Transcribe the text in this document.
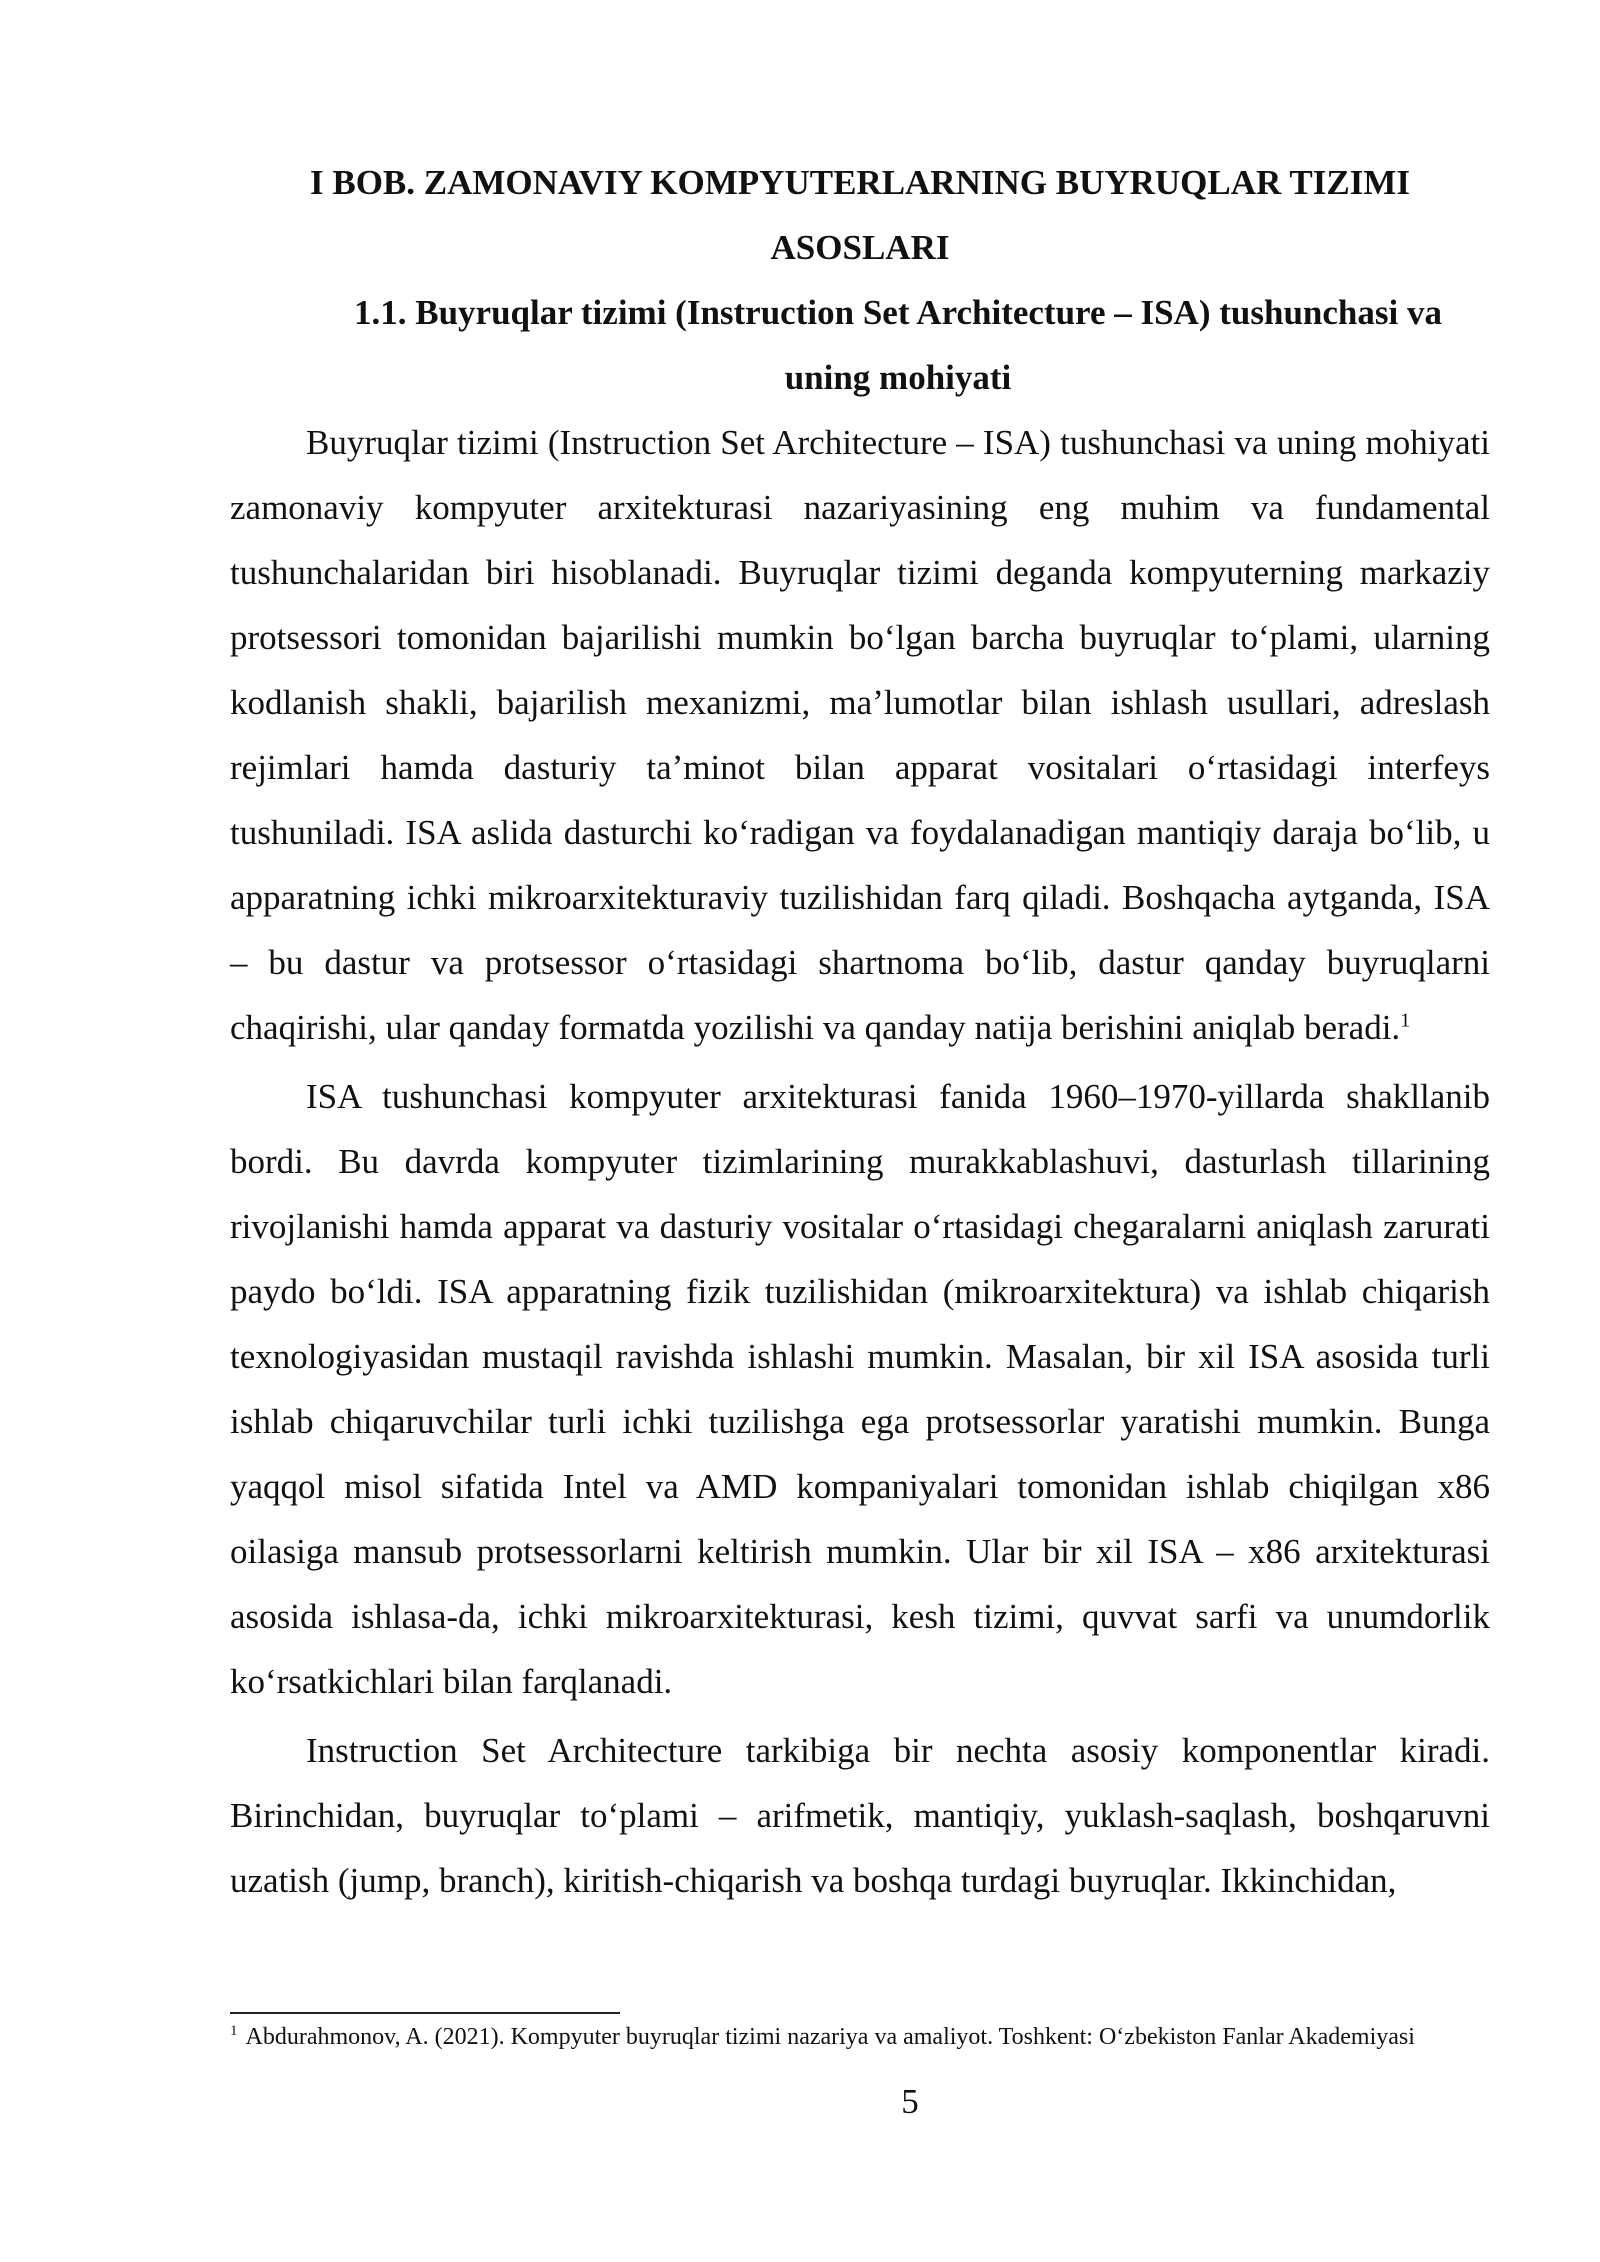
I BOB. ZAMONAVIY KOMPYUTERLARNING BUYRUQLAR TIZIMI
ASOSLARI

1.1. Buyruqlar tizimi (Instruction Set Architecture – ISA) tushunchasi va
uning mohiyati

Buyruqlar tizimi (Instruction Set Architecture – ISA) tushunchasi va uning mohiyati zamonaviy kompyuter arxitekturasi nazariyasining eng muhim va fundamental tushunchalaridan biri hisoblanadi. Buyruqlar tizimi deganda kompyuterning markaziy protsessori tomonidan bajarilishi mumkin boʻlgan barcha buyruqlar toʻplami, ularning kodlanish shakli, bajarilish mexanizmi, maʼlumotlar bilan ishlash usullari, adreslash rejimlari hamda dasturiy taʼminot bilan apparat vositalari oʻrtasidagi interfeys tushuniladi. ISA aslida dasturchi koʻradigan va foydalanadigan mantiqiy daraja boʻlib, u apparatning ichki mikroarxitekturaviy tuzilishidan farq qiladi. Boshqacha aytganda, ISA – bu dastur va protsessor oʻrtasidagi shartnoma boʻlib, dastur qanday buyruqlarni chaqirishi, ular qanday formatda yozilishi va qanday natija berishini aniqlab beradi.$^1$

ISA tushunchasi kompyuter arxitekturasi fanida 1960–1970-yillarda shakllanib bordi. Bu davrda kompyuter tizimlarining murakkablashuvi, dasturlash tillarining rivojlanishi hamda apparat va dasturiy vositalar oʻrtasidagi chegaralarni aniqlash zarurati paydo boʻldi. ISA apparatning fizik tuzilishidan (mikroarxitektura) va ishlab chiqarish texnologiyasidan mustaqil ravishda ishlashi mumkin. Masalan, bir xil ISA asosida turli ishlab chiqaruvchilar turli ichki tuzilishga ega protsessorlar yaratishi mumkin. Bunga yaqqol misol sifatida Intel va AMD kompaniyalari tomonidan ishlab chiqilgan x86 oilasiga mansub protsessorlarni keltirish mumkin. Ular bir xil ISA – x86 arxitekturasi asosida ishlasa-da, ichki mikroarxitekturasi, kesh tizimi, quvvat sarfi va unumdorlik koʻrsatkichlari bilan farqlanadi.

Instruction Set Architecture tarkibiga bir nechta asosiy komponentlar kiradi. Birinchidan, buyruqlar toʻplami – arifmetik, mantiqiy, yuklash-saqlash, boshqaruvni uzatish (jump, branch), kiritish-chiqarish va boshqa turdagi buyruqlar. Ikkinchidan,

$^1$ Abdurahmonov, A. (2021). Kompyuter buyruqlar tizimi nazariya va amaliyot. Toshkent: Oʻzbekiston Fanlar Akademiyasi

5
